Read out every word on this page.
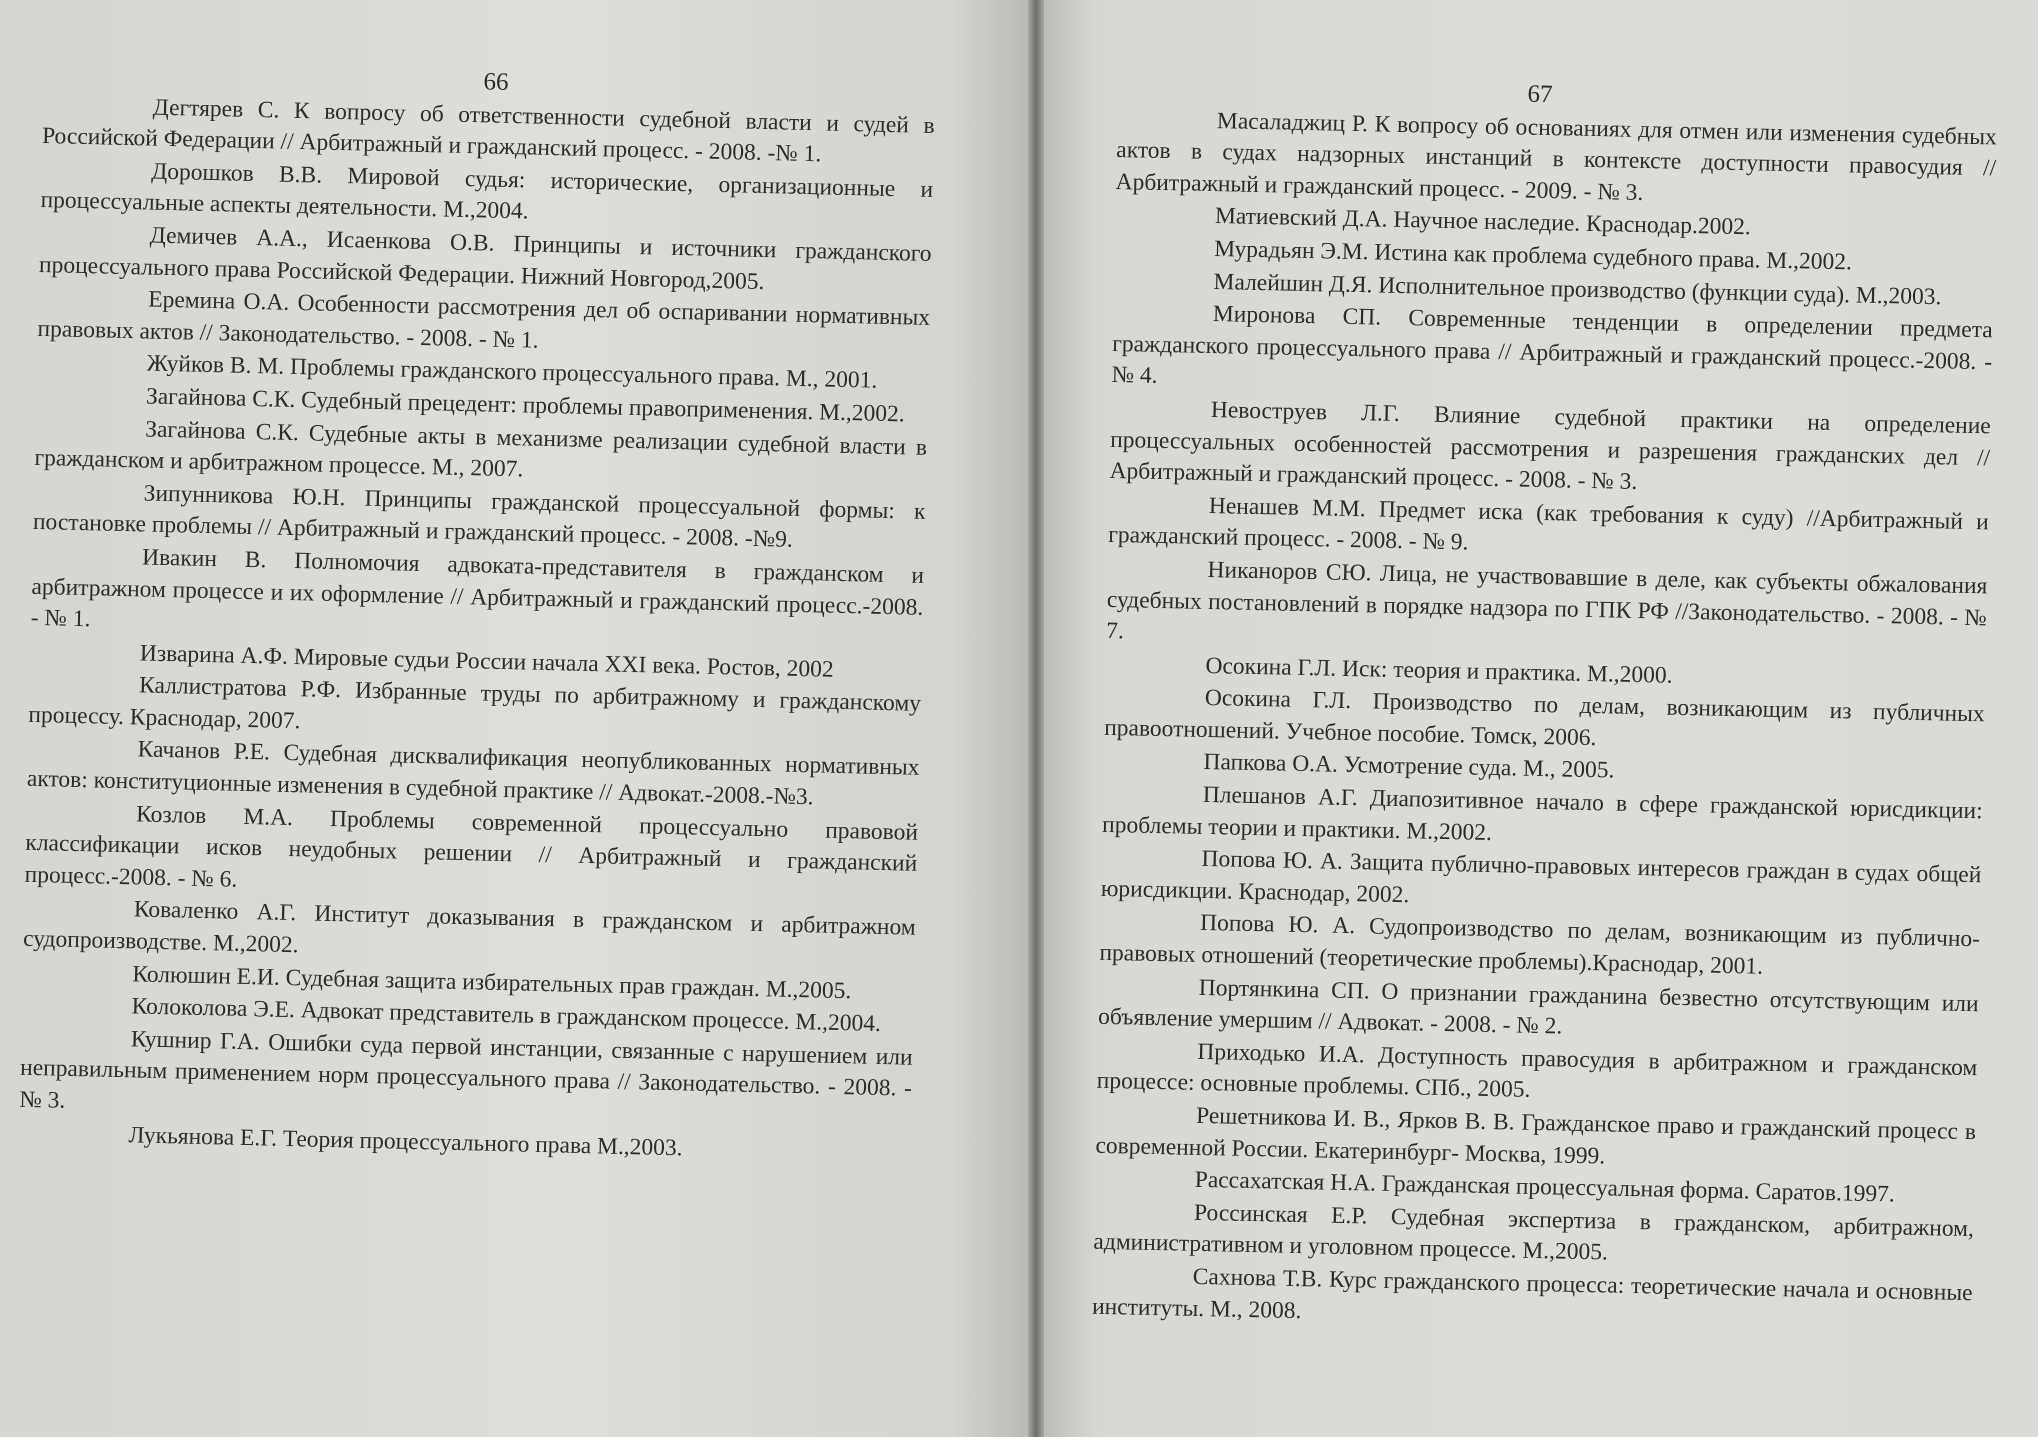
66
Дегтярев С. К вопросу об ответственности судебной власти и судей в Российской Федерации // Арбитражный и гражданский процесс. - 2008. -№ 1.
Дорошков В.В. Мировой судья: исторические, организационные и процессуальные аспекты деятельности. М.,2004.
Демичев А.А., Исаенкова О.В. Принципы и источники гражданского процессуального права Российской Федерации. Нижний Новгород,2005.
Еремина О.А. Особенности рассмотрения дел об оспаривании нормативных правовых актов // Законодательство. - 2008. - № 1.
Жуйков В. М. Проблемы гражданского процессуального права. М., 2001.
Загайнова С.К. Судебный прецедент: проблемы правоприменения. М.,2002.
Загайнова С.К. Судебные акты в механизме реализации судебной власти в гражданском и арбитражном процессе. М., 2007.
Зипунникова Ю.Н. Принципы гражданской процессуальной формы: к постановке проблемы // Арбитражный и гражданский процесс. - 2008. -№9.
Ивакин В. Полномочия адвоката-представителя в гражданском и арбитражном процессе и их оформление // Арбитражный и гражданский процесс.-2008. - № 1.
Изварина А.Ф. Мировые судьи России начала XXI века. Ростов, 2002
Каллистратова Р.Ф. Избранные труды по арбитражному и гражданскому процессу. Краснодар, 2007.
Качанов Р.Е. Судебная дисквалификация неопубликованных нормативных актов: конституционные изменения в судебной практике // Адвокат.-2008.-№3.
Козлов М.А. Проблемы современной процессуально правовой классификации исков неудобных решении // Арбитражный и гражданский процесс.-2008. - № 6.
Коваленко А.Г. Институт доказывания в гражданском и арбитражном судопроизводстве. М.,2002.
Колюшин Е.И. Судебная защита избирательных прав граждан. М.,2005.
Колоколова Э.Е. Адвокат представитель в гражданском процессе. М.,2004.
Кушнир Г.А. Ошибки суда первой инстанции, связанные с нарушением или неправильным применением норм процессуального права // Законодательство. - 2008. - № 3.
Лукьянова Е.Г. Теория процессуального права М.,2003.
67
Масаладжиц Р. К вопросу об основаниях для отмен или изменения судебных актов в судах надзорных инстанций в контексте доступности правосудия // Арбитражный и гражданский процесс. - 2009. - № 3.
Матиевский Д.А. Научное наследие. Краснодар.2002.
Мурадьян Э.М. Истина как проблема судебного права. М.,2002.
Малейшин Д.Я. Исполнительное производство (функции суда). М.,2003.
Миронова СП. Современные тенденции в определении предмета гражданского процессуального права // Арбитражный и гражданский процесс.-2008. - № 4.
Невоструев Л.Г. Влияние судебной практики на определение процессуальных особенностей рассмотрения и разрешения гражданских дел // Арбитражный и гражданский процесс. - 2008. - № 3.
Ненашев М.М. Предмет иска (как требования к суду) //Арбитражный и гражданский процесс. - 2008. - № 9.
Никаноров СЮ. Лица, не участвовавшие в деле, как субъекты обжалования судебных постановлений в порядке надзора по ГПК РФ //Законодательство. - 2008. - № 7.
Осокина Г.Л. Иск: теория и практика. М.,2000.
Осокина Г.Л. Производство по делам, возникающим из публичных правоотношений. Учебное пособие. Томск, 2006.
Папкова О.А. Усмотрение суда. М., 2005.
Плешанов А.Г. Диапозитивное начало в сфере гражданской юрисдикции: проблемы теории и практики. М.,2002.
Попова Ю. А. Защита публично-правовых интересов граждан в судах общей юрисдикции. Краснодар, 2002.
Попова Ю. А. Судопроизводство по делам, возникающим из публично- правовых отношений (теоретические проблемы).Краснодар, 2001.
Портянкина СП. О признании гражданина безвестно отсутствующим или объявление умершим // Адвокат. - 2008. - № 2.
Приходько И.А. Доступность правосудия в арбитражном и гражданском процессе: основные проблемы. СПб., 2005.
Решетникова И. В., Ярков В. В. Гражданское право и гражданский процесс в современной России. Екатеринбург- Москва, 1999.
Рассахатская Н.А. Гражданская процессуальная форма. Саратов.1997.
Россинская Е.Р. Судебная экспертиза в гражданском, арбитражном, административном и уголовном процессе. М.,2005.
Сахнова Т.В. Курс гражданского процесса: теоретические начала и основные институты. М., 2008.
